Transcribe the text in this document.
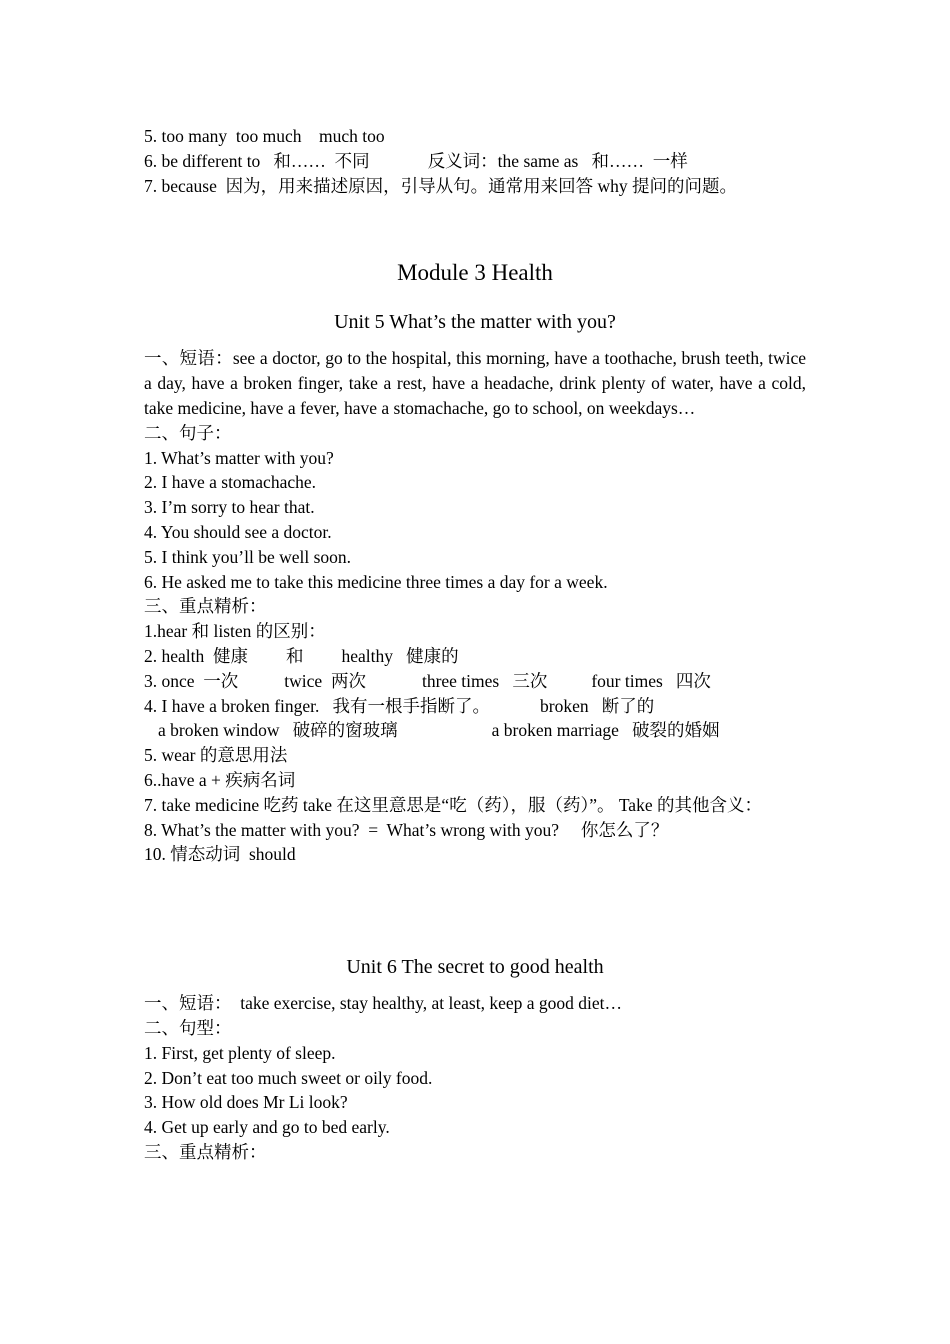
5. too many  too much    much too
6. be different to   和……  不同	反义词：the same as   和……  一样
7. because  因为，用来描述原因，引导从句。通常用来回答 why 提问的问题。
Module 3 Health
Unit 5 What’s the matter with you?
一、短语：see a doctor, go to the hospital, this morning, have a toothache, brush teeth, twice a day, have a broken finger, take a rest, have a headache, drink plenty of water, have a cold, take medicine, have a fever, have a stomachache, go to school, on weekdays…
二、句子：
1. What’s matter with you?
2. I have a stomachache.
3. I’m sorry to hear that.
4. You should see a doctor.
5. I think you’ll be well soon.
6. He asked me to take this medicine three times a day for a week.
三、重点精析：
1.hear 和 listen 的区别：
2. health  健康 和 healthy   健康的
3. once  一次	twice  两次	three times   三次	four times   四次
4. I have a broken finger.   我有一根手指断了。	broken   断了的
a broken window   破碎的窗玻璃	a broken marriage   破裂的婚姻
5. wear 的意思用法
6..have a + 疾病名词
7. take medicine 吃药 take 在这里意思是“吃（药），服（药）”。 Take 的其他含义：
8. What’s the matter with you?  =  What’s wrong with you?     你怎么了？
10. 情态动词  should
Unit 6 The secret to good health
一、短语：  take exercise, stay healthy, at least, keep a good diet…
二、句型：
1. First, get plenty of sleep.
2. Don’t eat too much sweet or oily food.
3. How old does Mr Li look?
4. Get up early and go to bed early.
三、重点精析：
